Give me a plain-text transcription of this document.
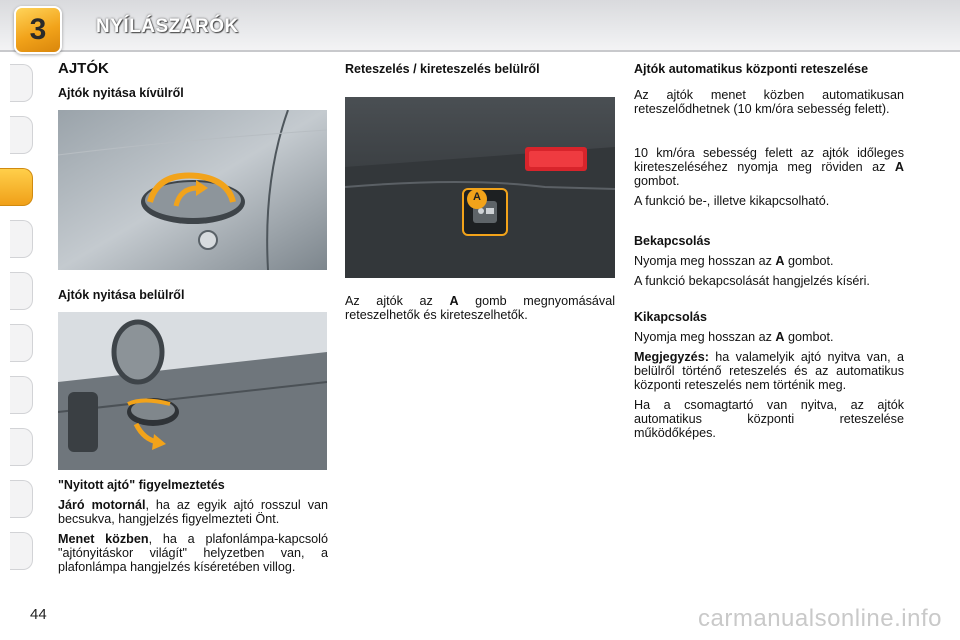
3	NYÍLÁSZÁRÓK
AJTÓK
Ajtók nyitása kívülről
Ajtók nyitása belülről
"Nyitott ajtó" figyelmeztetés

Járó motornál, ha az egyik ajtó rosszul van becsukva, hangjelzés figyelmezteti Önt.

Menet közben, ha a plafonlámpa-kapcsoló "ajtónyitáskor világít" helyzetben van, a plafonlámpa hangjelzés kíséretében villog.

Reteszelés / kireteszelés belülről
A

Az ajtók az A gomb megnyomásával reteszelhetők és kireteszelhetők.

Ajtók automatikus központi reteszelése

Az ajtók menet közben automatikusan reteszelődhetnek (10 km/óra sebesség felett).

10 km/óra sebesség felett az ajtók időleges kireteszeléséhez nyomja meg röviden az A gombot.

A funkció be-, illetve kikapcsolható.

Bekapcsolás

Nyomja meg hosszan az A gombot.

A funkció bekapcsolását hangjelzés kíséri.

Kikapcsolás

Nyomja meg hosszan az A gombot.

Megjegyzés: ha valamelyik ajtó nyitva van, a belülről történő reteszelés és az automatikus központi reteszelés nem történik meg.

Ha a csomagtartó van nyitva, az ajtók automatikus központi reteszelése működőképes.

44	carmanualsonline.info
